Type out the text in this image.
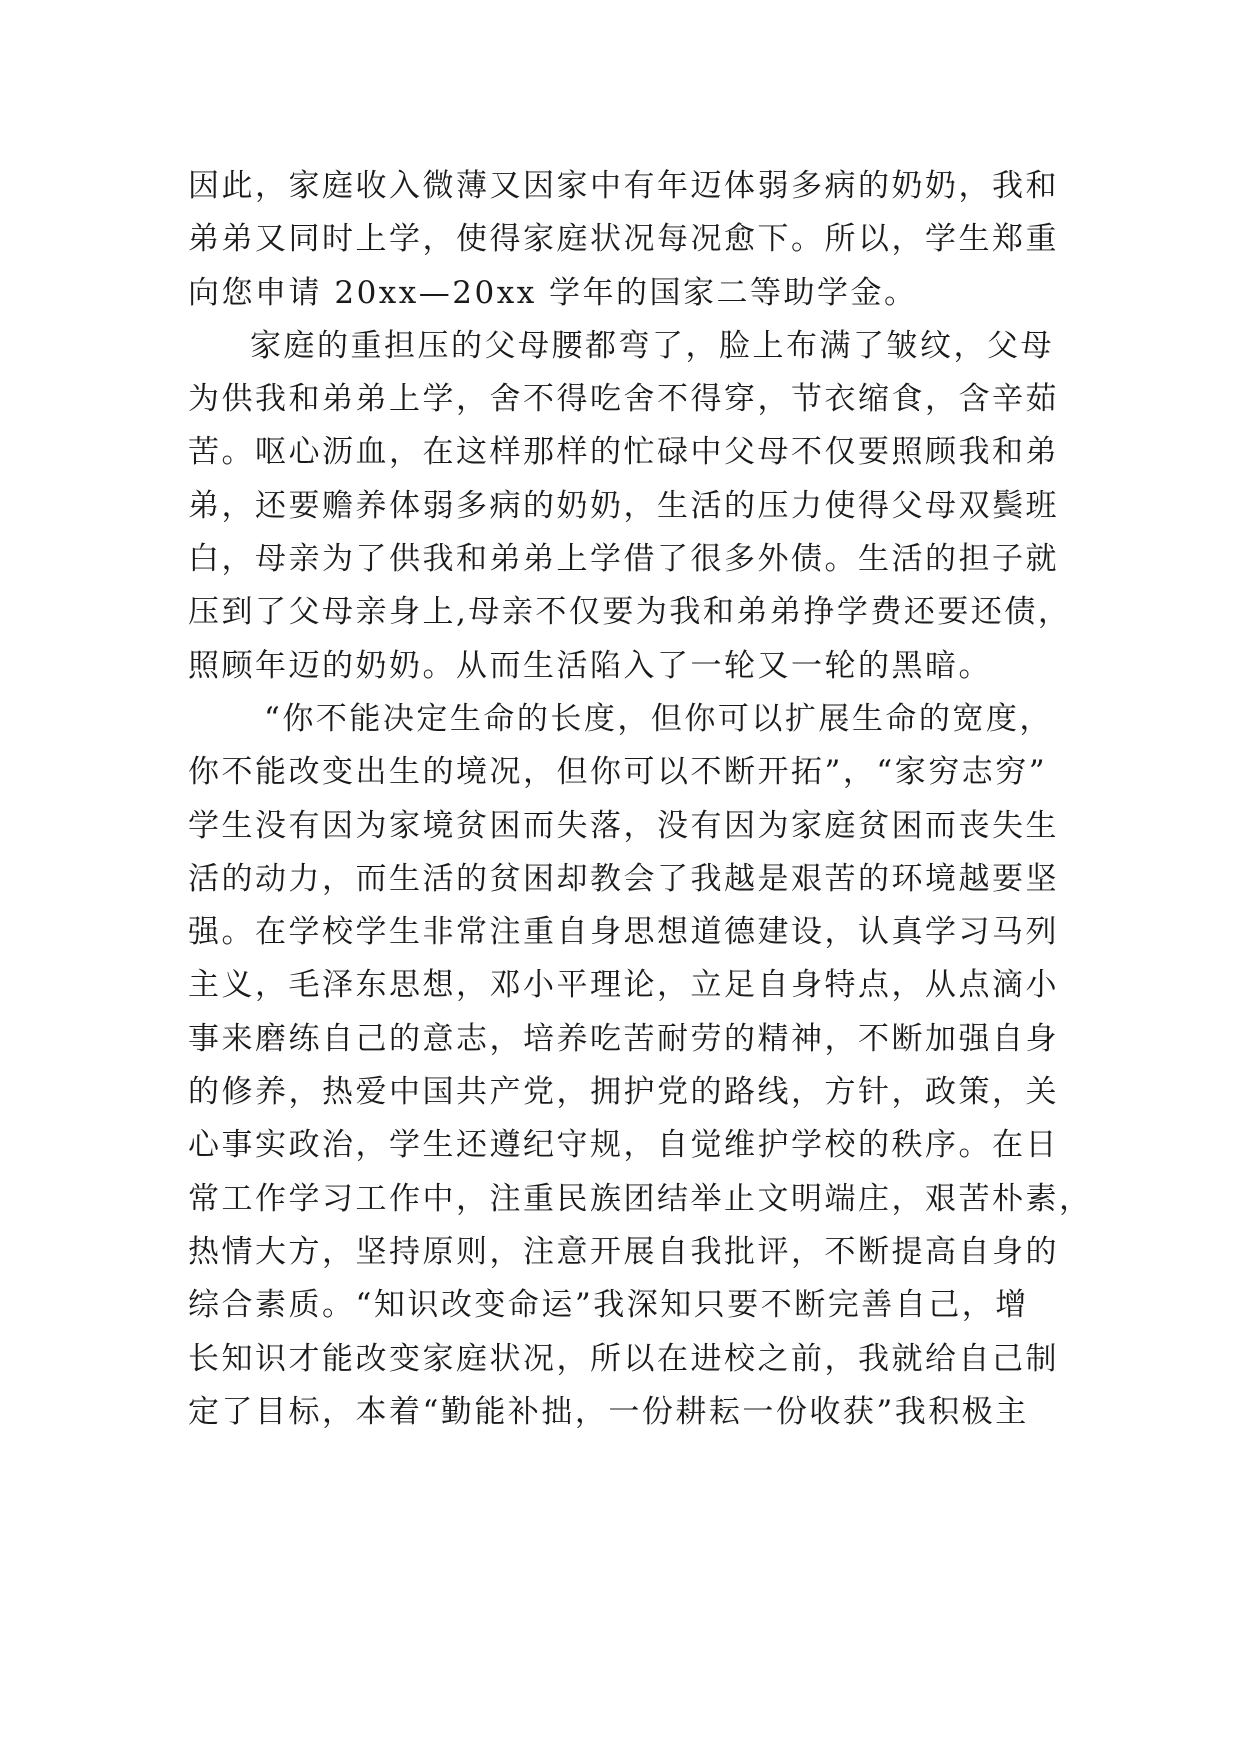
因此，家庭收入微薄又因家中有年迈体弱多病的奶奶，我和
弟弟又同时上学，使得家庭状况每况愈下。所以，学生郑重
向您申请 20xx—20xx 学年的国家二等助学金。
家庭的重担压的父母腰都弯了，脸上布满了皱纹，父母
为供我和弟弟上学，舍不得吃舍不得穿，节衣缩食，含辛茹
苦。呕心沥血，在这样那样的忙碌中父母不仅要照顾我和弟
弟，还要赡养体弱多病的奶奶，生活的压力使得父母双鬓班
白，母亲为了供我和弟弟上学借了很多外债。生活的担子就
压到了父母亲身上,母亲不仅要为我和弟弟挣学费还要还债，
照顾年迈的奶奶。从而生活陷入了一轮又一轮的黑暗。
“你不能决定生命的长度，但你可以扩展生命的宽度，
你不能改变出生的境况，但你可以不断开拓”，“家穷志穷”
学生没有因为家境贫困而失落，没有因为家庭贫困而丧失生
活的动力，而生活的贫困却教会了我越是艰苦的环境越要坚
强。在学校学生非常注重自身思想道德建设，认真学习马列
主义，毛泽东思想，邓小平理论，立足自身特点，从点滴小
事来磨练自己的意志，培养吃苦耐劳的精神，不断加强自身
的修养，热爱中国共产党，拥护党的路线，方针，政策，关
心事实政治，学生还遵纪守规，自觉维护学校的秩序。在日
常工作学习工作中，注重民族团结举止文明端庄，艰苦朴素，
热情大方，坚持原则，注意开展自我批评，不断提高自身的
综合素质。“知识改变命运”我深知只要不断完善自己，增
长知识才能改变家庭状况，所以在进校之前，我就给自己制
定了目标，本着“勤能补拙，一份耕耘一份收获”我积极主
